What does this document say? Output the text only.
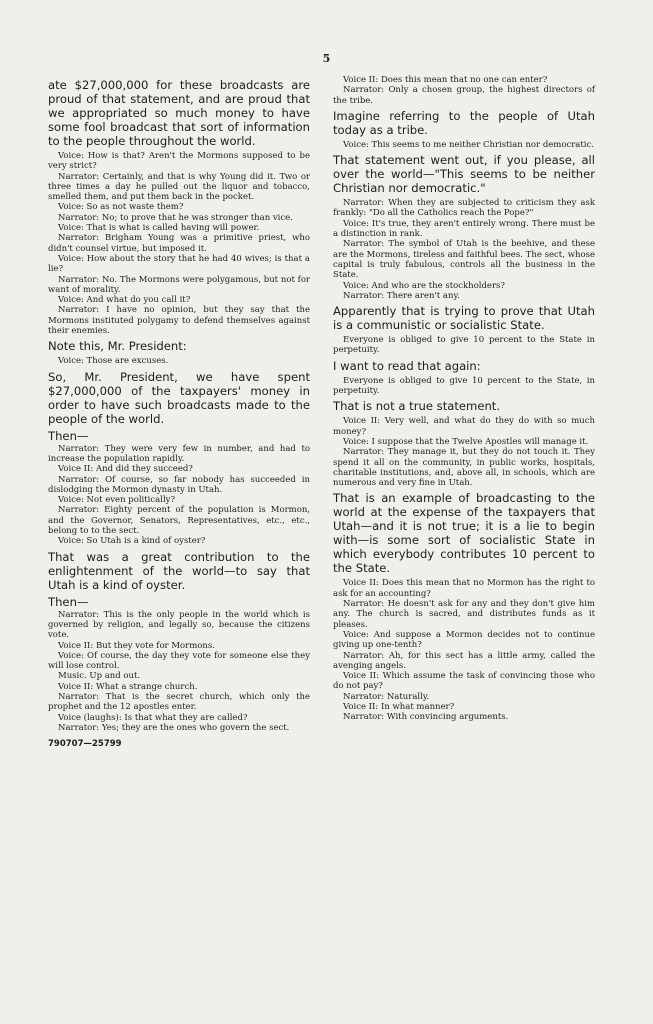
5

ate $27,000,000 for these broadcasts are proud of that statement, and are proud that we appropriated so much money to have some fool broadcast that sort of information to the people throughout the world.

Voice: How is that? Aren't the Mormons supposed to be very strict?

Narrator: Certainly, and that is why Young did it. Two or three times a day he pulled out the liquor and tobacco, smelled them, and put them back in the pocket.

Voice: So as not waste them?

Narrator: No; to prove that he was stronger than vice.

Voice: That is what is called having will power.

Narrator: Brigham Young was a primitive priest, who didn't counsel virtue, but imposed it.

Voice: How about the story that he had 40 wives; is that a lie?

Narrator: No. The Mormons were polygamous, but not for want of morality.

Voice: And what do you call it?

Narrator: I have no opinion, but they say that the Mormons instituted polygamy to defend themselves against their enemies.

Note this, Mr. President:

Voice: Those are excuses.

So, Mr. President, we have spent $27,000,000 of the taxpayers' money in order to have such broadcasts made to the people of the world.

Then—

Narrator: They were very few in number, and had to increase the population rapidly.

Voice II: And did they succeed?

Narrator: Of course, so far nobody has succeeded in dislodging the Mormon dynasty in Utah.

Voice: Not even politically?

Narrator: Eighty percent of the population is Mormon, and the Governor, Senators, Representatives, etc., etc., belong to to the sect.

Voice: So Utah is a kind of oyster?

That was a great contribution to the enlightenment of the world—to say that Utah is a kind of oyster.

Then—

Narrator: This is the only people in the world which is governed by religion, and legally so, because the citizens vote.

Voice II: But they vote for Mormons.

Voice: Of course, the day they vote for someone else they will lose control.

Music. Up and out.

Voice II: What a strange church.

Narrator: That is the secret church, which only the prophet and the 12 apostles enter.

Voice (laughs): Is that what they are called?

Narrator: Yes; they are the ones who govern the sect.

790707—25799

Voice II: Does this mean that no one can enter?

Narrator: Only a chosen group, the highest directors of the tribe.

Imagine referring to the people of Utah today as a tribe.

Voice: This seems to me neither Christian nor democratic.

That statement went out, if you please, all over the world—"This seems to be neither Christian nor democratic."

Narrator: When they are subjected to criticism they ask frankly: "Do all the Catholics reach the Pope?"

Voice: It's true, they aren't entirely wrong. There must be a distinction in rank.

Narrator: The symbol of Utah is the beehive, and these are the Mormons, tireless and faithful bees. The sect, whose capital is truly fabulous, controls all the business in the State.

Voice: And who are the stockholders?

Narrator: There aren't any.

Apparently that is trying to prove that Utah is a communistic or socialistic State.

Everyone is obliged to give 10 percent to the State in perpetuity.

I want to read that again:

Everyone is obliged to give 10 percent to the State, in perpetuity.

That is not a true statement.

Voice II: Very well, and what do they do with so much money?

Voice: I suppose that the Twelve Apostles will manage it.

Narrator: They manage it, but they do not touch it. They spend it all on the community, in public works, hospitals, charitable institutions, and, above all, in schools, which are numerous and very fine in Utah.

That is an example of broadcasting to the world at the expense of the taxpayers that Utah—and it is not true; it is a lie to begin with—is some sort of socialistic State in which everybody contributes 10 percent to the State.

Voice II: Does this mean that no Mormon has the right to ask for an accounting?

Narrator: He doesn't ask for any and they don't give him any. The church is sacred, and distributes funds as it pleases.

Voice: And suppose a Mormon decides not to continue giving up one-tenth?

Narrator: Ah, for this sect has a little army, called the avenging angels.

Voice II: Which assume the task of convincing those who do not pay?

Narrator: Naturally.

Voice II: In what manner?

Narrator: With convincing arguments.
